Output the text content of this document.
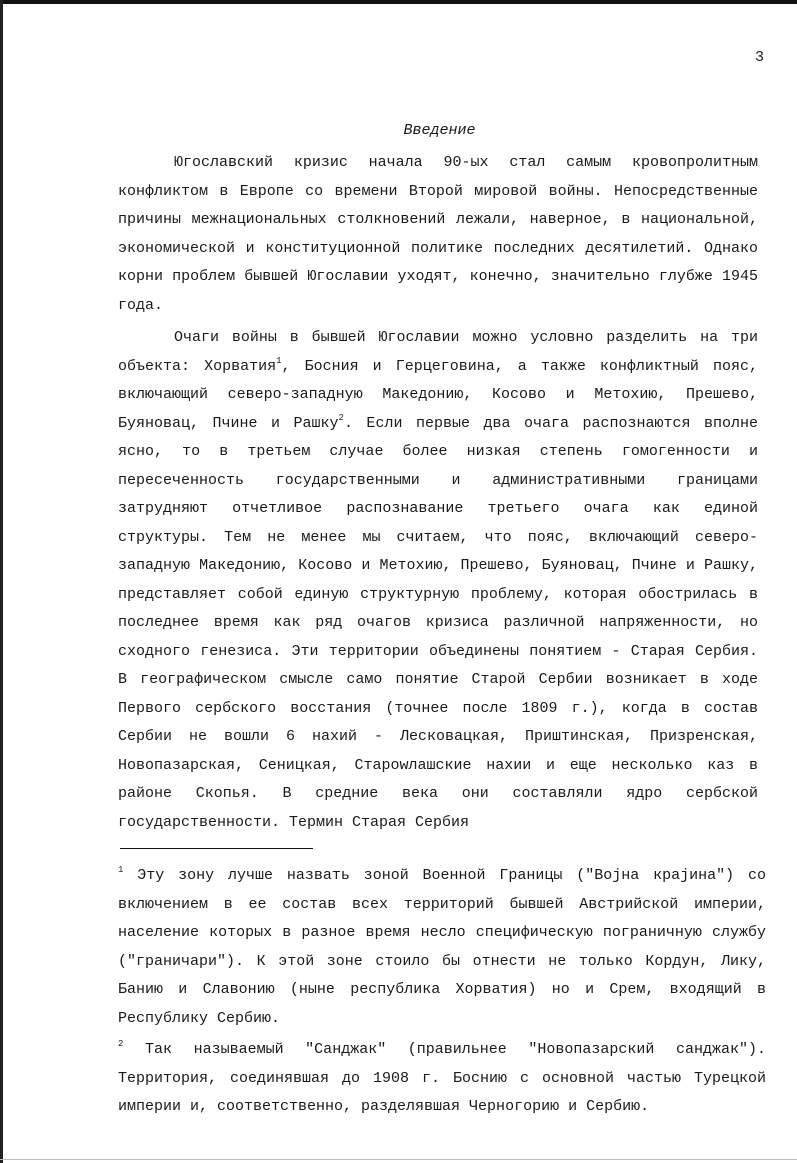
3
Введение

Югославский кризис начала 90-ых стал самым кровопролитным конфликтом в Европе со времени Второй мировой войны. Непосредственные причины межнациональных столкновений лежали, наверное, в национальной, экономической и конституционной политике последних десятилетий. Однако корни проблем бывшей Югославии уходят, конечно, значительно глубже 1945 года.

Очаги войны в бывшей Югославии можно условно разделить на три объекта: Хорватия$^1$, Босния и Герцеговина, а также конфликтный пояс, включающий северо-западную Македонию, Косово и Метохию, Прешево, Буяновац, Пчине и Рашку$^2$. Если первые два очага распознаются вполне ясно, то в третьем случае более низкая степень гомогенности и пересеченность государственными и административными границами затрудняют отчетливое распознавание третьего очага как единой структуры. Тем не менее мы считаем, что пояс, включающий северо-западную Македонию, Косово и Метохию, Прешево, Буяновац, Пчине и Рашку, представляет собой единую структурную проблему, которая обострилась в последнее время как ряд очагов кризиса различной напряженности, но сходного генезиса. Эти территории объединены понятием - Старая Сербия. В географическом смысле само понятие Старой Сербии возникает в ходе Первого сербского восстания (точнее после 1809 г.), когда в состав Сербии не вошли 6 нахий - Лесковацкая, Приштинская, Призренская, Новопазарская, Сеницкая, Староwлашские нахии и еще несколько каз в районе Скопья. В средние века они составляли ядро сербской государственности. Термин Старая Сербия

$^1$ Эту зону лучше назвать зоной Военной Границы ("Војна крајина") со включением в ее состав всех территорий бывшей Австрийской империи, население которых в разное время несло специфическую пограничную службу ("граничари"). К этой зоне стоило бы отнести не только Кордун, Лику, Банию и Славонию (ныне республика Хорватия) но и Срем, входящий в Республику Сербию.

$^2$ Так называемый "Санджак" (правильнее "Новопазарский санджак"). Территория, соединявшая до 1908 г. Боснию с основной частью Турецкой империи и, соответственно, разделявшая Черногорию и Сербию.
